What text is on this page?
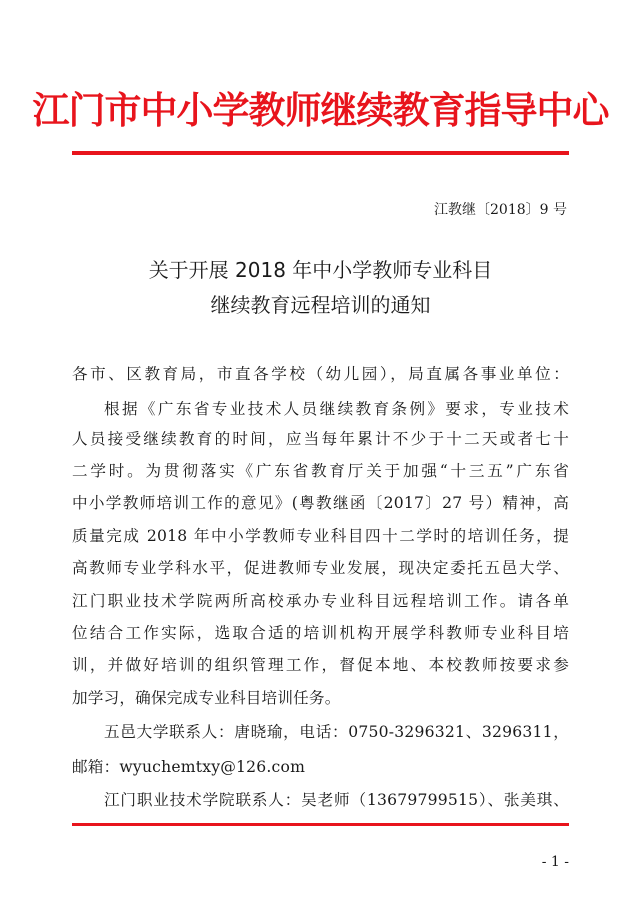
江门市中小学教师继续教育指导中心
江教继〔2018〕9 号
关于开展 2018 年中小学教师专业科目
继续教育远程培训的通知
各市、区教育局，市直各学校（幼儿园），局直属各事业单位：
根据《广东省专业技术人员继续教育条例》要求，专业技术
人员接受继续教育的时间，应当每年累计不少于十二天或者七十
二学时。为贯彻落实《广东省教育厅关于加强“十三五”广东省
中小学教师培训工作的意见》(粤教继函〔2017〕27 号）精神，高
质量完成 2018 年中小学教师专业科目四十二学时的培训任务，提
高教师专业学科水平，促进教师专业发展，现决定委托五邑大学、
江门职业技术学院两所高校承办专业科目远程培训工作。请各单
位结合工作实际，选取合适的培训机构开展学科教师专业科目培
训，并做好培训的组织管理工作，督促本地、本校教师按要求参
加学习，确保完成专业科目培训任务。
五邑大学联系人：唐晓瑜，电话：0750-3296321、3296311，
邮箱：wyuchemtxy@126.com
江门职业技术学院联系人：吴老师（13679799515）、张美琪、
- 1 -
